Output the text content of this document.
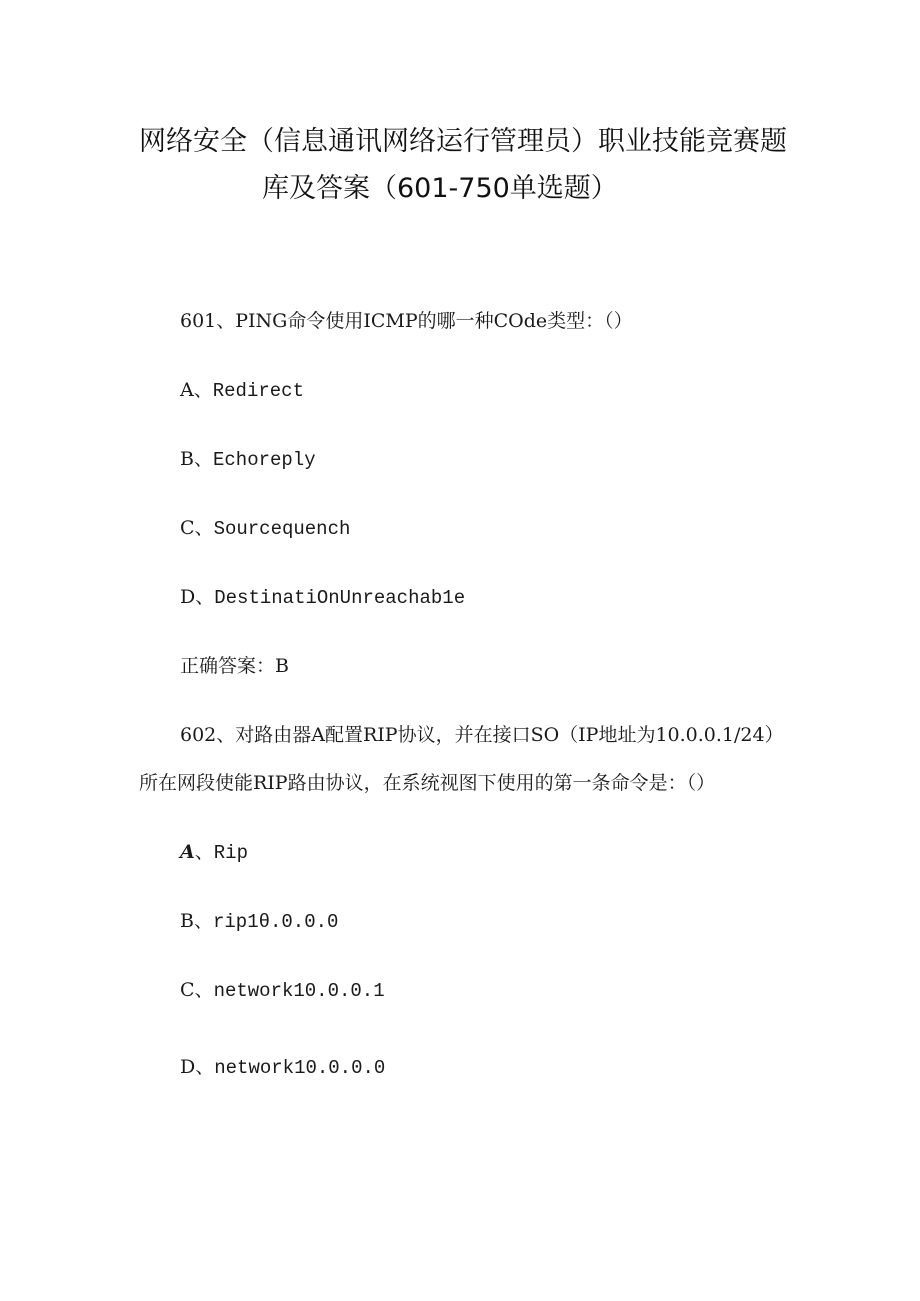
网络安全（信息通讯网络运行管理员）职业技能竞赛题
库及答案（601-750单选题）
601、PING命令使用ICMP的哪一种COde类型：（）
A、Redirect
B、Echoreply
C、Sourcequench
D、DestinatiOnUnreachab1e
正确答案：B
602、对路由器A配置RIP协议，并在接口SO（IP地址为10.0.0.1/24）
所在网段使能RIP路由协议，在系统视图下使用的第一条命令是：（）
A、Rip
B、rip1θ.0.0.0
C、network10.0.0.1
D、network10.0.0.0
